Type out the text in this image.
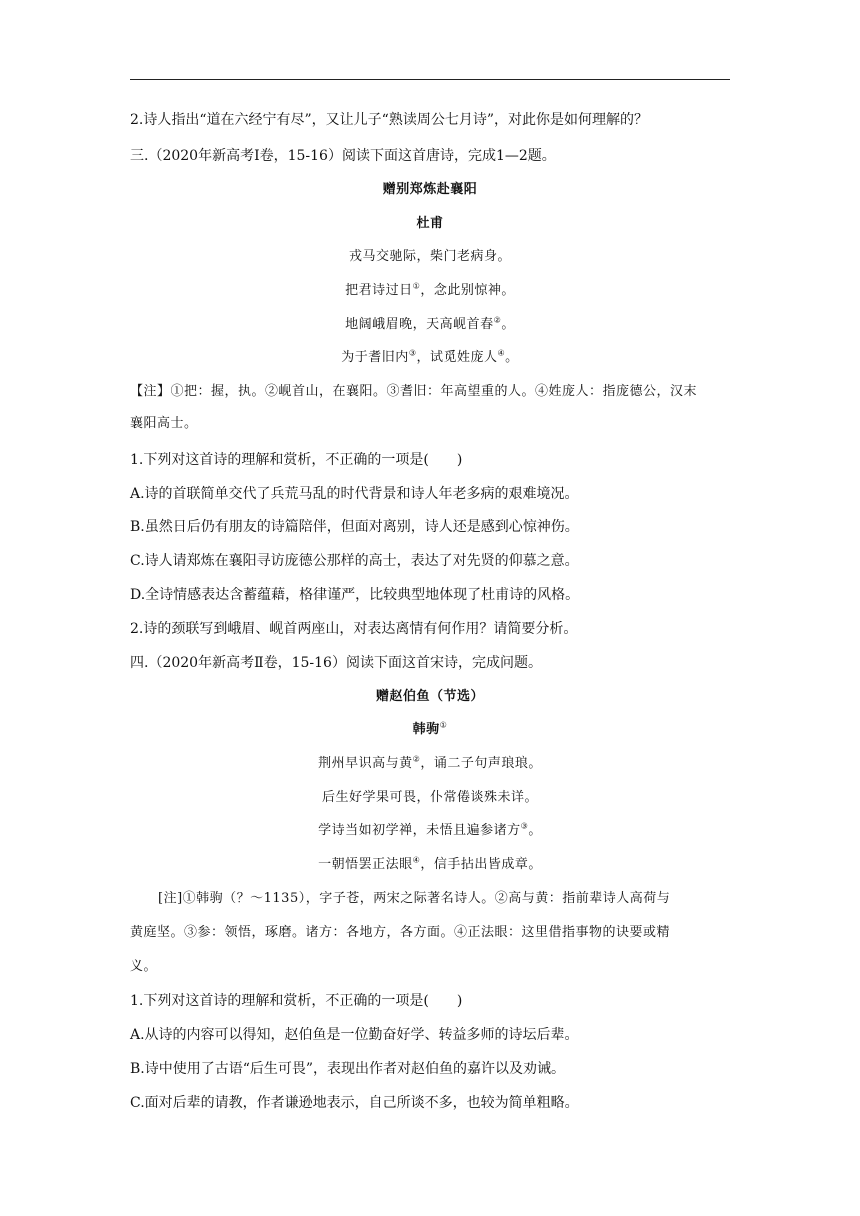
2.诗人指出“道在六经宁有尽”，又让儿子“熟读周公七月诗”，对此你是如何理解的？
三.（2020年新高考Ⅰ卷，15-16）阅读下面这首唐诗，完成1—2题。
赠别郑炼赴襄阳
杜甫
戎马交驰际，柴门老病身。
把君诗过日①，念此别惊神。
地阔峨眉晚，天高岘首春②。
为于耆旧内③，试觅姓庞人④。
【注】①把：握，执。②岘首山，在襄阳。③耆旧：年高望重的人。④姓庞人：指庞德公，汉末
襄阳高士。
1.下列对这首诗的理解和赏析，不正确的一项是(　　)
A.诗的首联简单交代了兵荒马乱的时代背景和诗人年老多病的艰难境况。
B.虽然日后仍有朋友的诗篇陪伴，但面对离别，诗人还是感到心惊神伤。
C.诗人请郑炼在襄阳寻访庞德公那样的高士，表达了对先贤的仰慕之意。
D.全诗情感表达含蓄蕴藉，格律谨严，比较典型地体现了杜甫诗的风格。
2.诗的颈联写到峨眉、岘首两座山，对表达离情有何作用？请简要分析。
四.（2020年新高考Ⅱ卷，15-16）阅读下面这首宋诗，完成问题。
赠赵伯鱼（节选）
韩驹①
荆州早识高与黄②，诵二子句声琅琅。
后生好学果可畏，仆常倦谈殊未详。
学诗当如初学禅，未悟且遍参诸方③。
一朝悟罢正法眼④，信手拈出皆成章。
[注]①韩驹（？～1135），字子苍，两宋之际著名诗人。②高与黄：指前辈诗人高荷与
黄庭坚。③参：领悟，琢磨。诸方：各地方，各方面。④正法眼：这里借指事物的诀要或精
义。
1.下列对这首诗的理解和赏析，不正确的一项是(　　)
A.从诗的内容可以得知，赵伯鱼是一位勤奋好学、转益多师的诗坛后辈。
B.诗中使用了古语“后生可畏”，表现出作者对赵伯鱼的嘉许以及劝诫。
C.面对后辈的请教，作者谦逊地表示，自己所谈不多，也较为简单粗略。
